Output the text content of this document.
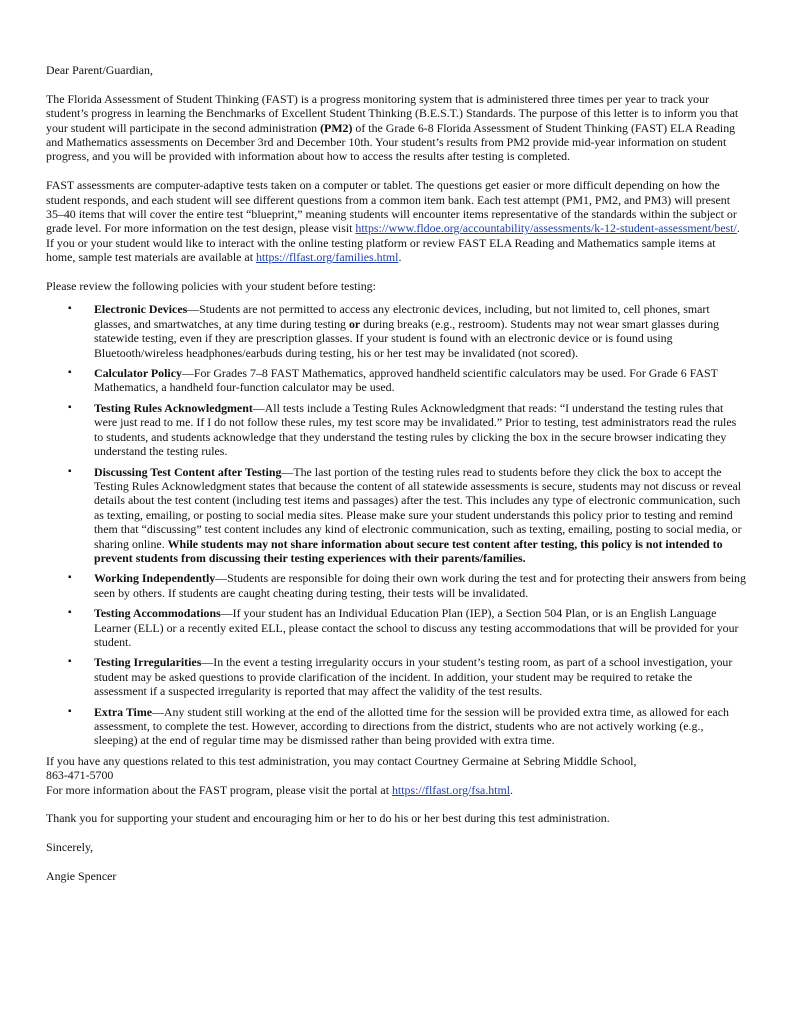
Dear Parent/Guardian,

The Florida Assessment of Student Thinking (FAST) is a progress monitoring system that is administered three times per year to track your student’s progress in learning the Benchmarks of Excellent Student Thinking (B.E.S.T.) Standards. The purpose of this letter is to inform you that your student will participate in the second administration (PM2) of the Grade 6-8 Florida Assessment of Student Thinking (FAST) ELA Reading and Mathematics assessments on December 3rd and December 10th. Your student’s results from PM2 provide mid-year information on student progress, and you will be provided with information about how to access the results after testing is completed.

FAST assessments are computer-adaptive tests taken on a computer or tablet. The questions get easier or more difficult depending on how the student responds, and each student will see different questions from a common item bank. Each test attempt (PM1, PM2, and PM3) will present 35–40 items that will cover the entire test “blueprint,” meaning students will encounter items representative of the standards within the subject or grade level. For more information on the test design, please visit https://www.fldoe.org/accountability/assessments/k-12-student-assessment/best/. If you or your student would like to interact with the online testing platform or review FAST ELA Reading and Mathematics sample items at home, sample test materials are available at https://flfast.org/families.html.

Please review the following policies with your student before testing:

▪ Electronic Devices—Students are not permitted to access any electronic devices, including, but not limited to, cell phones, smart glasses, and smartwatches, at any time during testing or during breaks (e.g., restroom). Students may not wear smart glasses during statewide testing, even if they are prescription glasses. If your student is found with an electronic device or is found using Bluetooth/wireless headphones/earbuds during testing, his or her test may be invalidated (not scored).
▪ Calculator Policy—For Grades 7–8 FAST Mathematics, approved handheld scientific calculators may be used. For Grade 6 FAST Mathematics, a handheld four-function calculator may be used.
▪ Testing Rules Acknowledgment—All tests include a Testing Rules Acknowledgment that reads: “I understand the testing rules that were just read to me. If I do not follow these rules, my test score may be invalidated.” Prior to testing, test administrators read the rules to students, and students acknowledge that they understand the testing rules by clicking the box in the secure browser indicating they understand the testing rules.
▪ Discussing Test Content after Testing—The last portion of the testing rules read to students before they click the box to accept the Testing Rules Acknowledgment states that because the content of all statewide assessments is secure, students may not discuss or reveal details about the test content (including test items and passages) after the test. This includes any type of electronic communication, such as texting, emailing, or posting to social media sites. Please make sure your student understands this policy prior to testing and remind them that “discussing” test content includes any kind of electronic communication, such as texting, emailing, posting to social media, or sharing online. While students may not share information about secure test content after testing, this policy is not intended to prevent students from discussing their testing experiences with their parents/families.
▪ Working Independently—Students are responsible for doing their own work during the test and for protecting their answers from being seen by others. If students are caught cheating during testing, their tests will be invalidated.
▪ Testing Accommodations—If your student has an Individual Education Plan (IEP), a Section 504 Plan, or is an English Language Learner (ELL) or a recently exited ELL, please contact the school to discuss any testing accommodations that will be provided for your student.
▪ Testing Irregularities—In the event a testing irregularity occurs in your student’s testing room, as part of a school investigation, your student may be asked questions to provide clarification of the incident. In addition, your student may be required to retake the assessment if a suspected irregularity is reported that may affect the validity of the test results.
▪ Extra Time—Any student still working at the end of the allotted time for the session will be provided extra time, as allowed for each assessment, to complete the test. However, according to directions from the district, students who are not actively working (e.g., sleeping) at the end of regular time may be dismissed rather than being provided with extra time.

If you have any questions related to this test administration, you may contact Courtney Germaine at Sebring Middle School,
863-471-5700
For more information about the FAST program, please visit the portal at https://flfast.org/fsa.html.

Thank you for supporting your student and encouraging him or her to do his or her best during this test administration.

Sincerely,

Angie Spencer
